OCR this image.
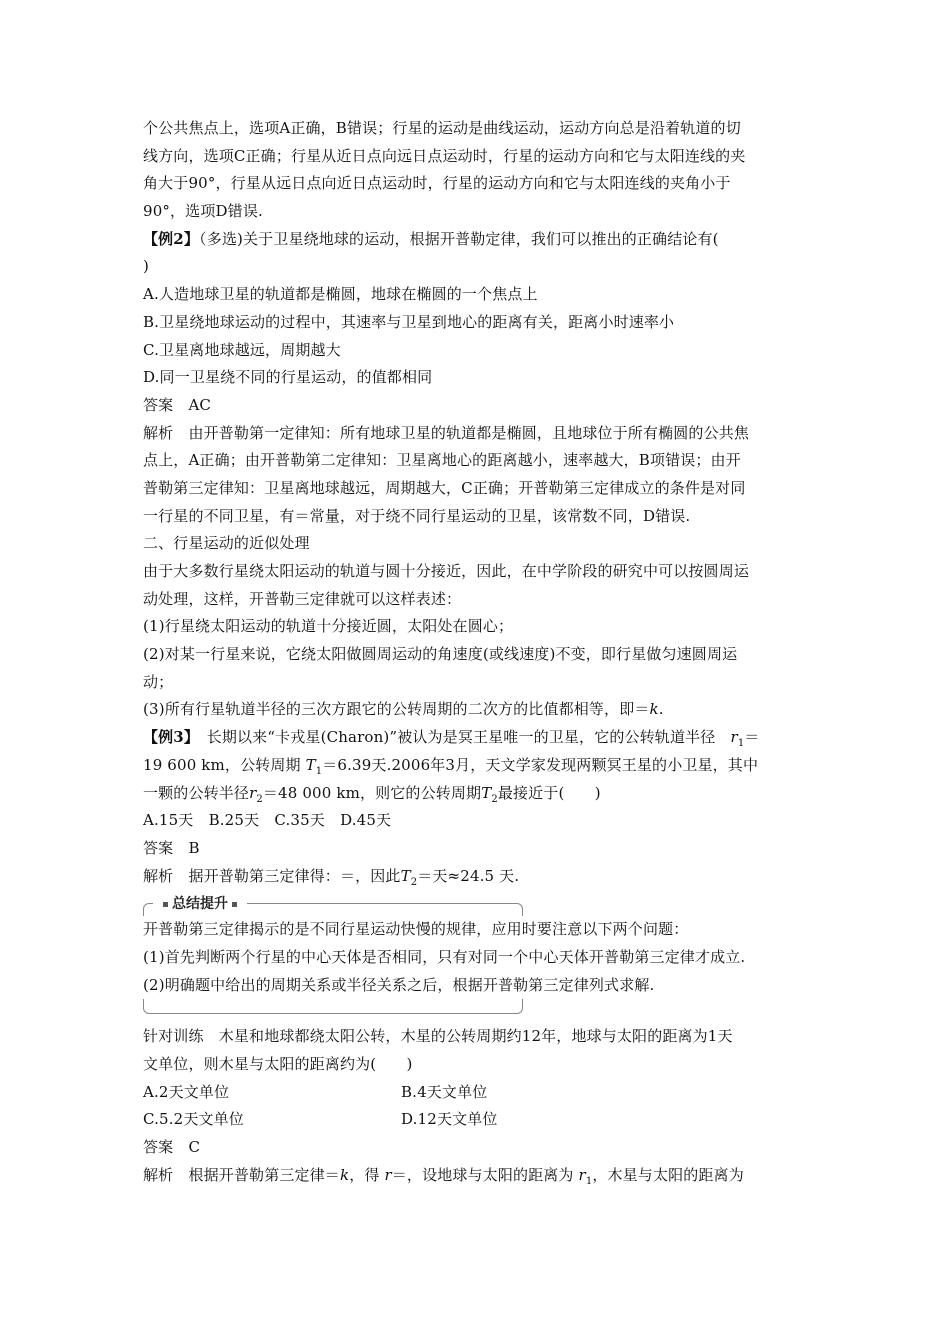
个公共焦点上，选项A正确，B错误；行星的运动是曲线运动，运动方向总是沿着轨道的切
线方向，选项C正确；行星从近日点向远日点运动时，行星的运动方向和它与太阳连线的夹
角大于90°，行星从远日点向近日点运动时，行星的运动方向和它与太阳连线的夹角小于
90°，选项D错误.
【例2】（多选)关于卫星绕地球的运动，根据开普勒定律，我们可以推出的正确结论有(
)
A.人造地球卫星的轨道都是椭圆，地球在椭圆的一个焦点上
B.卫星绕地球运动的过程中，其速率与卫星到地心的距离有关，距离小时速率小
C.卫星离地球越远，周期越大
D.同一卫星绕不同的行星运动，的值都相同
答案　AC
解析　由开普勒第一定律知：所有地球卫星的轨道都是椭圆，且地球位于所有椭圆的公共焦
点上，A正确；由开普勒第二定律知：卫星离地心的距离越小，速率越大，B项错误；由开
普勒第三定律知：卫星离地球越远，周期越大，C正确；开普勒第三定律成立的条件是对同
一行星的不同卫星，有＝常量，对于绕不同行星运动的卫星，该常数不同，D错误.
二、行星运动的近似处理
由于大多数行星绕太阳运动的轨道与圆十分接近，因此，在中学阶段的研究中可以按圆周运
动处理，这样，开普勒三定律就可以这样表述：
(1)行星绕太阳运动的轨道十分接近圆，太阳处在圆心；
(2)对某一行星来说，它绕太阳做圆周运动的角速度(或线速度)不变，即行星做匀速圆周运
动；
(3)所有行星轨道半径的三次方跟它的公转周期的二次方的比值都相等，即＝k.
【例3】　 长期以来“卡戎星(Charon)”被认为是冥王星唯一的卫星，它的公转轨道半径　 $r_1=$
19 600 km，公转周期 $T_1=6.39$天.2006年3月，天文学家发现两颗冥王星的小卫星，其中
一颗的公转半径$r_2=48$ 000 km，则它的公转周期$T_2$最接近于(　　)
A.15天　B.25天　C.35天　D.45天
答案　B
解析　据开普勒第三定律得：＝，因此$T_2=$天≈24.5 天.
总结提升
开普勒第三定律揭示的是不同行星运动快慢的规律，应用时要注意以下两个问题：
(1)首先判断两个行星的中心天体是否相同，只有对同一个中心天体开普勒第三定律才成立.
(2)明确题中给出的周期关系或半径关系之后，根据开普勒第三定律列式求解.
针对训练　木星和地球都绕太阳公转，木星的公转周期约12年，地球与太阳的距离为1天
文单位，则木星与太阳的距离约为(　　)
A.2天文单位	B.4天文单位
C.5.2天文单位	D.12天文单位
答案　C
解析　根据开普勒第三定律＝k，得 r＝，设地球与太阳的距离为 $r_1$，木星与太阳的距离为
